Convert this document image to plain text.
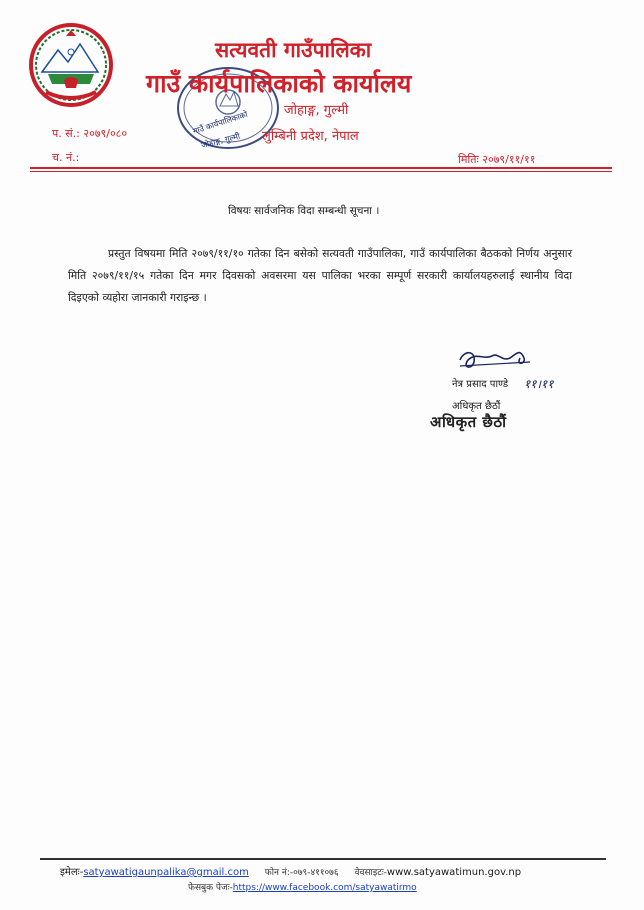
गाउँ कार्यपालिकाको
जोहाङ्ग, गुल्मी
सत्यवती गाउँपालिका
गाउँ कार्यपालिकाको कार्यालय
जोहाङ्ग, गुल्मी
लुम्बिनी प्रदेश, नेपाल
प. सं.: २०७९/०८०
च. नं.:	मितिः २०७९/११/११
विषयः सार्वजनिक विदा सम्बन्धी सूचना ।
प्रस्तुत विषयमा मिति २०७९/११/१० गतेका दिन बसेको सत्यवती गाउँपालिका, गाउँ कार्यपालिका बैठकको निर्णय अनुसार मिति २०७९/११/१५ गतेका दिन मगर दिवसको अवसरमा यस पालिका भरका सम्पूर्ण सरकारी कार्यालयहरुलाई स्थानीय विदा दिइएको व्यहोरा जानकारी गराइन्छ ।
११।११
नेत्र प्रसाद पाण्डे
अधिकृत छैठौं
अधिकृत छैठौं
इमेलः-satyawatigaunpalika@gmail.com फोन नं:-०७९-४११०७६ वेवसाइटः-www.satyawatimun.gov.np
फेसबुक पेजः-https://www.facebook.com/satyawatirmo
